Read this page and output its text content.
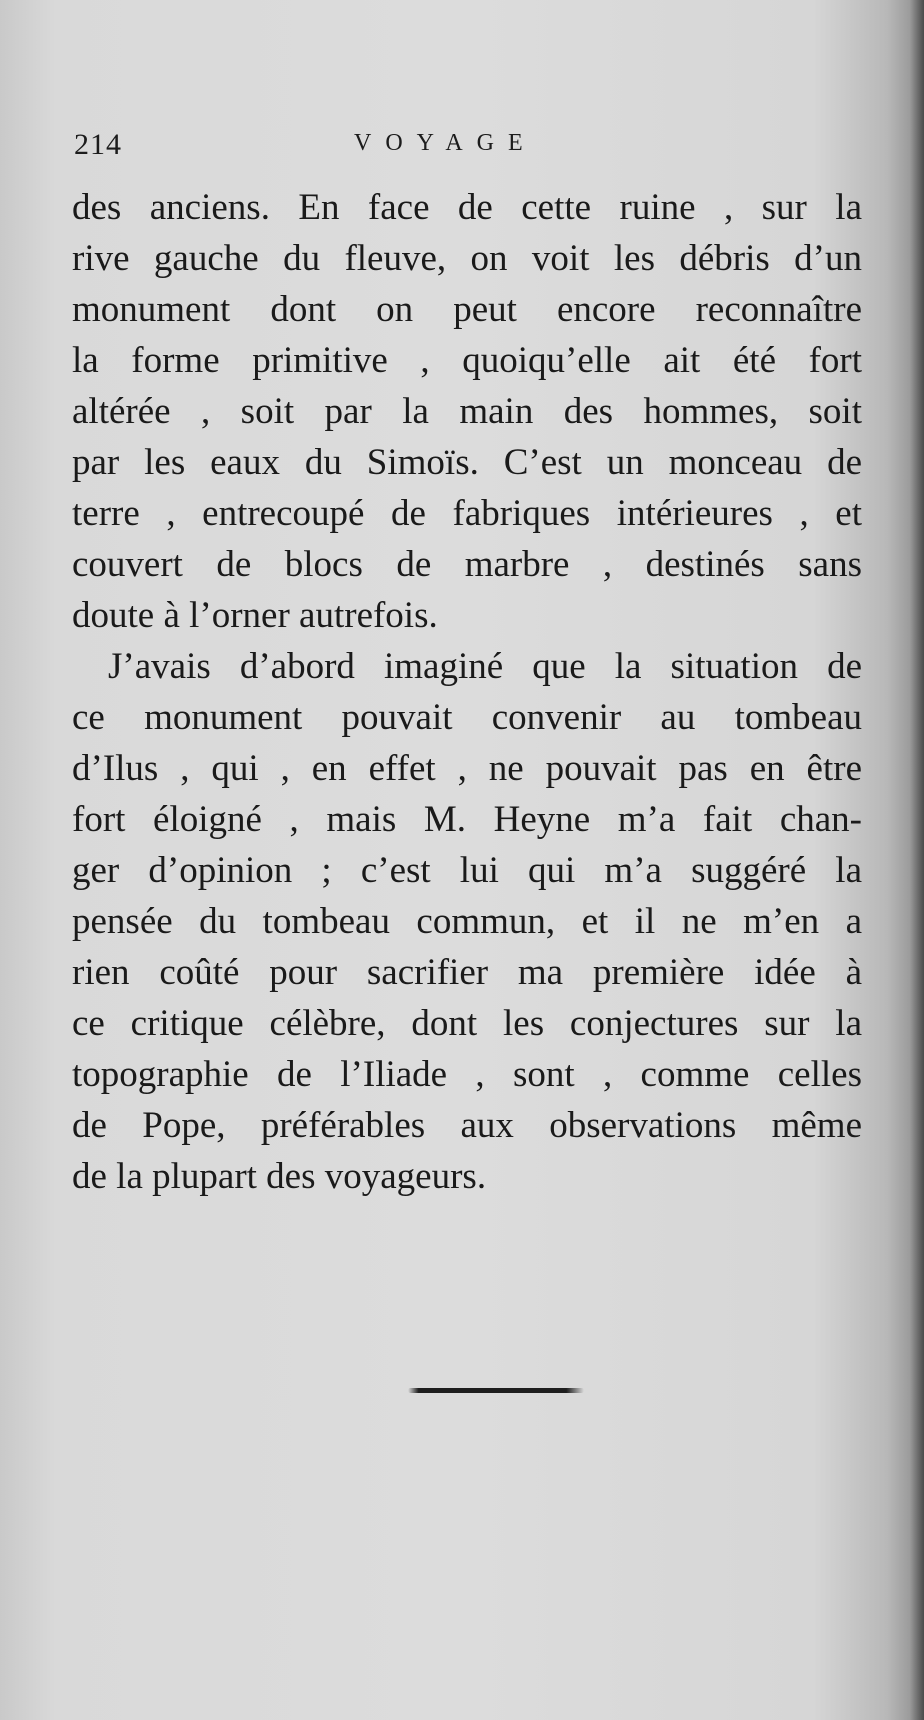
214	VOYAGE
des anciens. En face de cette ruine , sur la
rive gauche du fleuve, on voit les débris d’un
monument dont on peut encore reconnaître
la forme primitive , quoiqu’elle ait été fort
altérée , soit par la main des hommes, soit
par les eaux du Simoïs. C’est un monceau de
terre , entrecoupé de fabriques intérieures , et
couvert de blocs de marbre , destinés sans
doute à l’orner autrefois.
J’avais d’abord imaginé que la situation de
ce monument pouvait convenir au tombeau
d’Ilus , qui , en effet , ne pouvait pas en être
fort éloigné , mais M. Heyne m’a fait chan-
ger d’opinion ; c’est lui qui m’a suggéré la
pensée du tombeau commun, et il ne m’en a
rien coûté pour sacrifier ma première idée à
ce critique célèbre, dont les conjectures sur la
topographie de l’Iliade , sont , comme celles
de Pope, préférables aux observations même
de la plupart des voyageurs.
